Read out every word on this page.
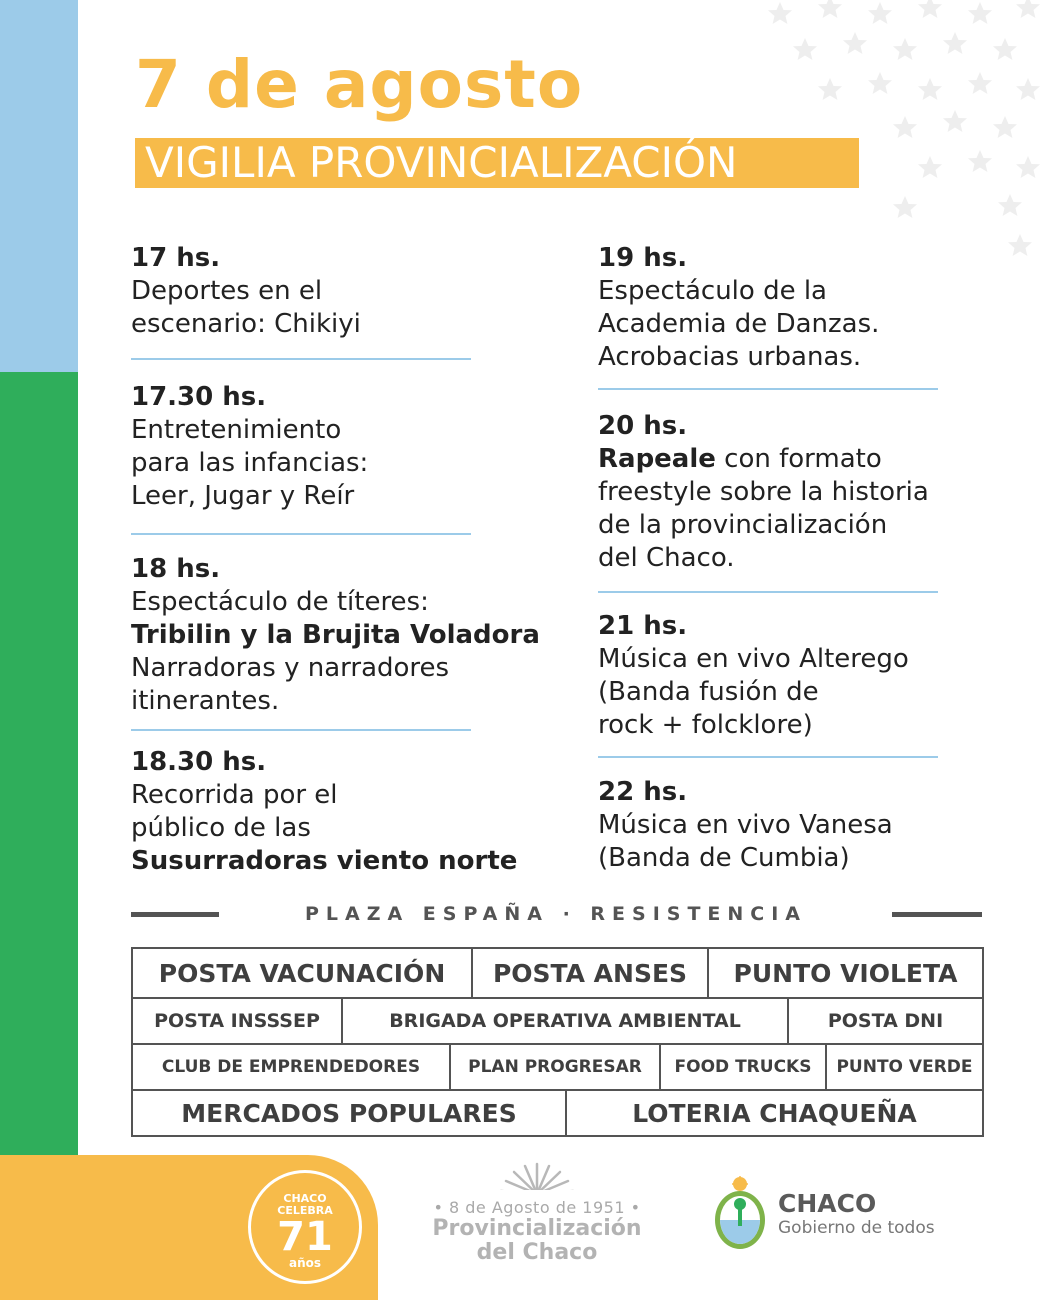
7 de agosto
VIGILIA PROVINCIALIZACIÓN
17 hs.
Deportes en el
escenario: Chikiyi
17.30 hs.
Entretenimiento
para las infancias:
Leer, Jugar y Reír
18 hs.
Espectáculo de títeres:
Tribilin y la Brujita Voladora
Narradoras y narradores
itinerantes.
18.30 hs.
Recorrida por el
público de las
Susurradoras viento norte
19 hs.
Espectáculo de la
Academia de Danzas.
Acrobacias urbanas.
20 hs.
Rapeale con formato
freestyle sobre la historia
de la provincialización
del Chaco.
21 hs.
Música en vivo Alterego
(Banda fusión de
rock + folcklore)
22 hs.
Música en vivo Vanesa
(Banda de Cumbia)
PLAZA ESPAÑA · RESISTENCIA
POSTA VACUNACIÓN	POSTA ANSES	PUNTO VIOLETA
POSTA INSSSEP	BRIGADA OPERATIVA AMBIENTAL	POSTA DNI
CLUB DE EMPRENDEDORES	PLAN PROGRESAR	FOOD TRUCKS	PUNTO VERDE
MERCADOS POPULARES	LOTERIA CHAQUEÑA
CHACO
CELEBRA
71
años
• 8 de Agosto de 1951 •
Provincialización
del Chaco
CHACO
Gobierno de todos
